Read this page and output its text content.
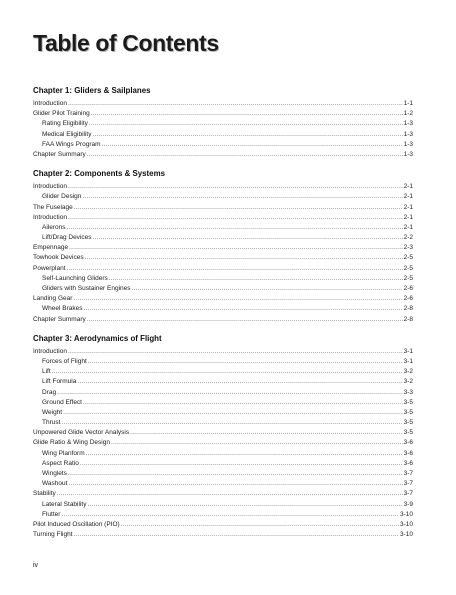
Table of Contents
Chapter 1: Gliders & Sailplanes
Introduction .....	1-1
Glider Pilot Training .....	1-2
Rating Eligibility .....	1-3
Medical Eligibility .....	1-3
FAA Wings Program .....	1-3
Chapter Summary .....	1-3
Chapter 2: Components & Systems
Introduction .....	2-1
Glider Design .....	2-1
The Fuselage .....	2-1
Introduction .....	2-1
Ailerons .....	2-1
Lift/Drag Devices .....	2-2
Empennage .....	2-3
Towhook Devices .....	2-5
Powerplant .....	2-5
Self-Launching Gliders .....	2-5
Gliders with Sustainer Engines .....	2-6
Landing Gear .....	2-6
Wheel Brakes .....	2-8
Chapter Summary .....	2-8
Chapter 3: Aerodynamics of Flight
Introduction .....	3-1
Forces of Flight .....	3-1
Lift .....	3-2
Lift Formula .....	3-2
Drag .....	3-3
Ground Effect .....	3-5
Weight .....	3-5
Thrust .....	3-5
Unpowered Glide Vector Analysis .....	3-5
Glide Ratio & Wing Design .....	3-6
Wing Planform .....	3-6
Aspect Ratio .....	3-6
Winglets .....	3-7
Washout .....	3-7
Stability .....	3-7
Lateral Stability .....	3-9
Flutter .....	3-10
Pilot Induced Oscillation (PIO) .....	3-10
Turning Flight .....	3-10
iv
